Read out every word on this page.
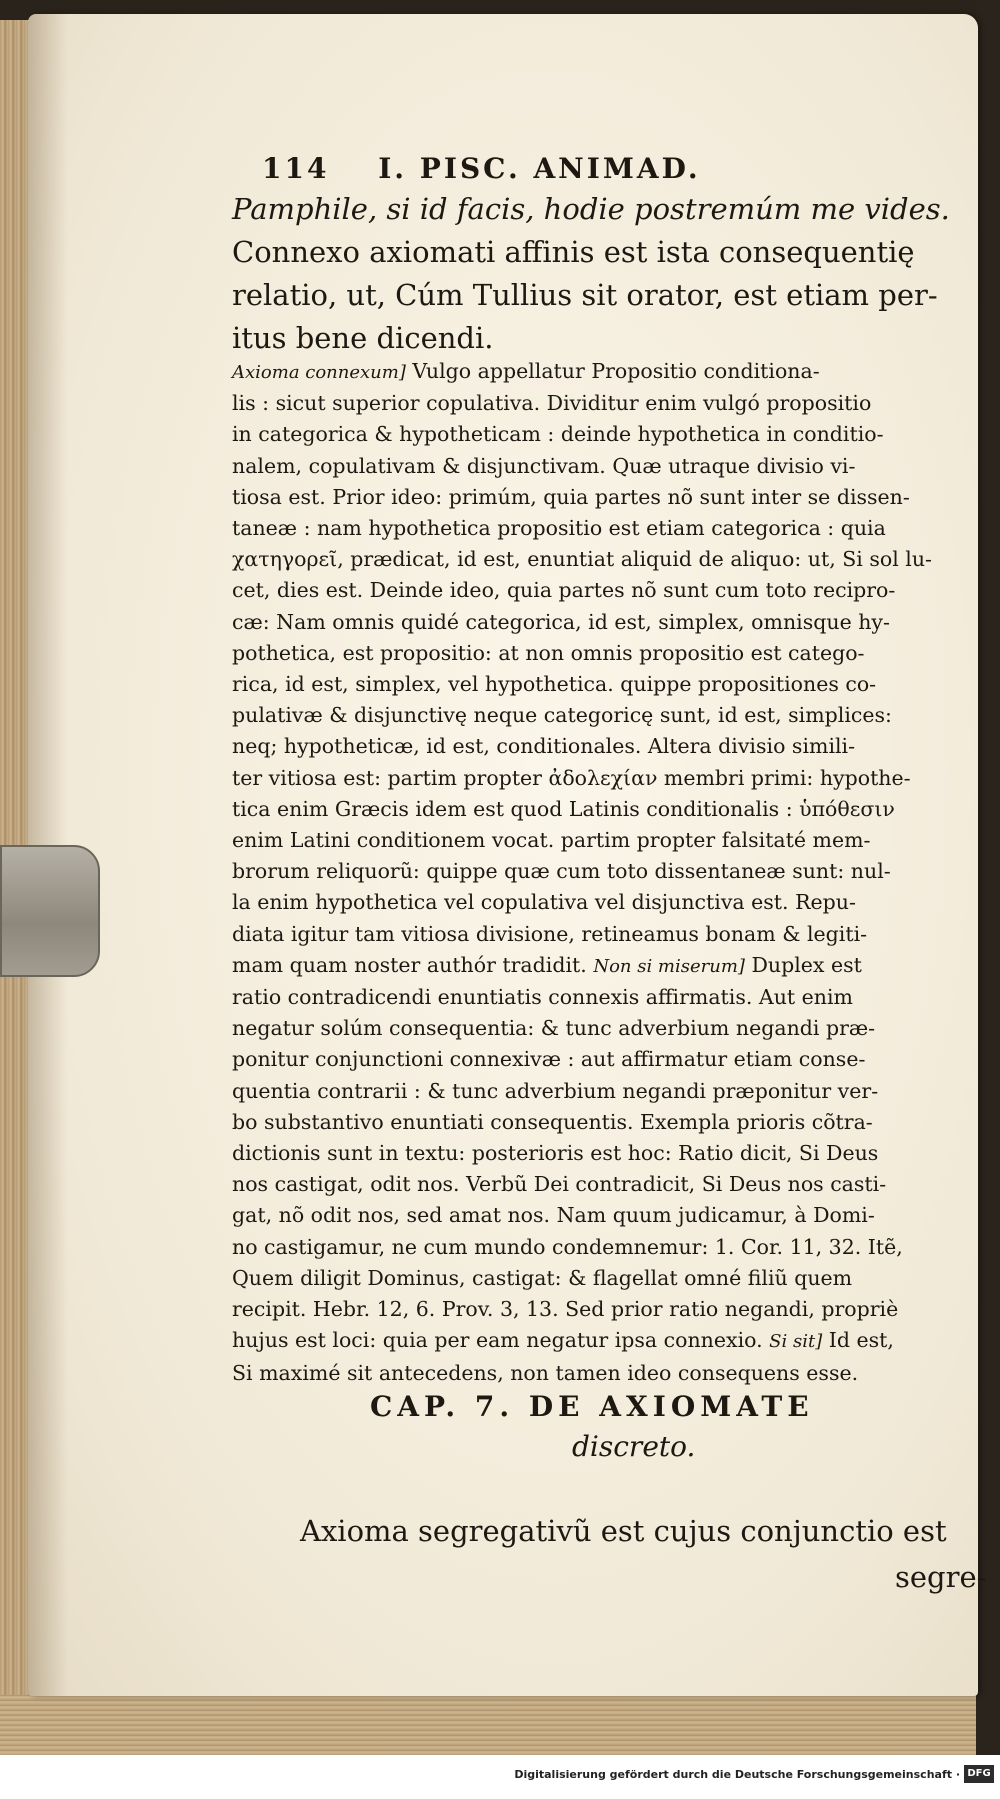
114 I. PISC. ANIMAD.
Pamphile, si id facis, hodie postremúm me vides.
Connexo axiomati affinis est ista consequentię
relatio, ut, Cúm Tullius sit orator, est etiam per-
itus bene dicendi.
Axioma connexum] Vulgo appellatur Propositio conditiona-
lis : sicut superior copulativa. Dividitur enim vulgó propositio
in categorica & hypotheticam : deinde hypothetica in conditio-
nalem, copulativam & disjunctivam. Quæ utraque divisio vi-
tiosa est. Prior ideo: primúm, quia partes nõ sunt inter se dissen-
taneæ : nam hypothetica propositio est etiam categorica : quia
χατηγορεῖ, prædicat, id est, enuntiat aliquid de aliquo: ut, Si sol lu-
cet, dies est. Deinde ideo, quia partes nõ sunt cum toto recipro-
cæ: Nam omnis quidé categorica, id est, simplex, omnisque hy-
pothetica, est propositio: at non omnis propositio est catego-
rica, id est, simplex, vel hypothetica. quippe propositiones co-
pulativæ & disjunctivę neque categoricę sunt, id est, simplices:
neq; hypotheticæ, id est, conditionales. Altera divisio simili-
ter vitiosa est: partim propter ἀδολεχίαν membri primi: hypothe-
tica enim Græcis idem est quod Latinis conditionalis : ὑπόθεσιν
enim Latini conditionem vocat. partim propter falsitaté mem-
brorum reliquorũ: quippe quæ cum toto dissentaneæ sunt: nul-
la enim hypothetica vel copulativa vel disjunctiva est. Repu-
diata igitur tam vitiosa divisione, retineamus bonam & legiti-
mam quam noster authór tradidit. Non si miserum] Duplex est
ratio contradicendi enuntiatis connexis affirmatis. Aut enim
negatur solúm consequentia: & tunc adverbium negandi præ-
ponitur conjunctioni connexivæ : aut affirmatur etiam conse-
quentia contrarii : & tunc adverbium negandi præponitur ver-
bo substantivo enuntiati consequentis. Exempla prioris cõtra-
dictionis sunt in textu: posterioris est hoc: Ratio dicit, Si Deus
nos castigat, odit nos. Verbũ Dei contradicit, Si Deus nos casti-
gat, nõ odit nos, sed amat nos. Nam quum judicamur, à Domi-
no castigamur, ne cum mundo condemnemur: 1. Cor. 11, 32. Itẽ,
Quem diligit Dominus, castigat: & flagellat omné filiũ quem
recipit. Hebr. 12, 6. Prov. 3, 13. Sed prior ratio negandi, propriè
hujus est loci: quia per eam negatur ipsa connexio. Si sit] Id est,
Si maximé sit antecedens, non tamen ideo consequens esse.
CAP. 7. DE AXIOMATE
discreto.
Axioma segregativũ est cujus conjunctio est
segre-
Digitalisierung gefördert durch die Deutsche Forschungsgemeinschaft · DFG
